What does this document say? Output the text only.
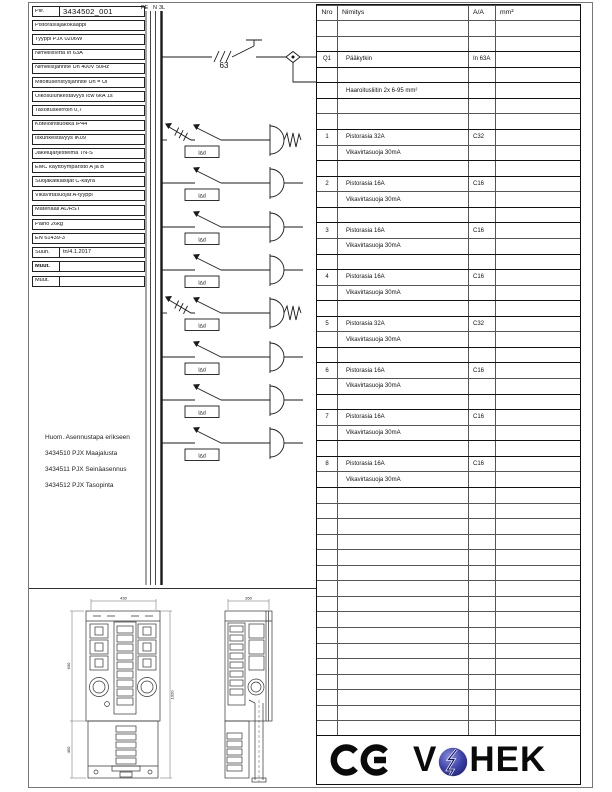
Piir.	3434502_001
Pistorasiajakokaappi
Tyyppi PJX 0206W
Nimellisvirta In 63A
Nimellisjännite Un 400V 50Hz
Mitoituseristysjännite Un = Ui
Oikosulunkestävyys Icw 6kA 1s
Tasoituskerroin 0,7
Kotelointiluokka IP44
Iskunkestävyys IK09
Jakelujärjestelmä TN-S
EMC käyttöympäristö A ja B
Suojakatkaisijat C-käyrä
Vikavirtasuojat A-tyyppi
Materiaali AL/RST
Paino 26kg
EN 61439-3
Suun.	tn/4.1.2017
Muut.
Muut.
PE N 3L
63
I∆d
I∆d
I∆d
I∆d
I∆d
I∆d
I∆d
I∆d
Nro	Nimitys	A/A	mm²
Q1	Pääkytkin	In 63A
Haaroitusliitin 2x 6-95 mm²
1	Pistorasia 32A	C32
Vikavirtasuoja 30mA
2	Pistorasia 16A	C16
Vikavirtasuoja 30mA
3	Pistorasia 16A	C16
Vikavirtasuoja 30mA
4	Pistorasia 16A	C16
Vikavirtasuoja 30mA
5	Pistorasia 32A	C32
Vikavirtasuoja 30mA
6	Pistorasia 16A	C16
Vikavirtasuoja 30mA
7	Pistorasia 16A	C16
Vikavirtasuoja 30mA
8	Pistorasia 16A	C16
Vikavirtasuoja 30mA
Huom. Asennustapa erikseen
3434510 PJX Maajalusta
3434511 PJX Seinäasennus
3434512 PJX Tasopinta
430	260
630
450
1020
V HEK
